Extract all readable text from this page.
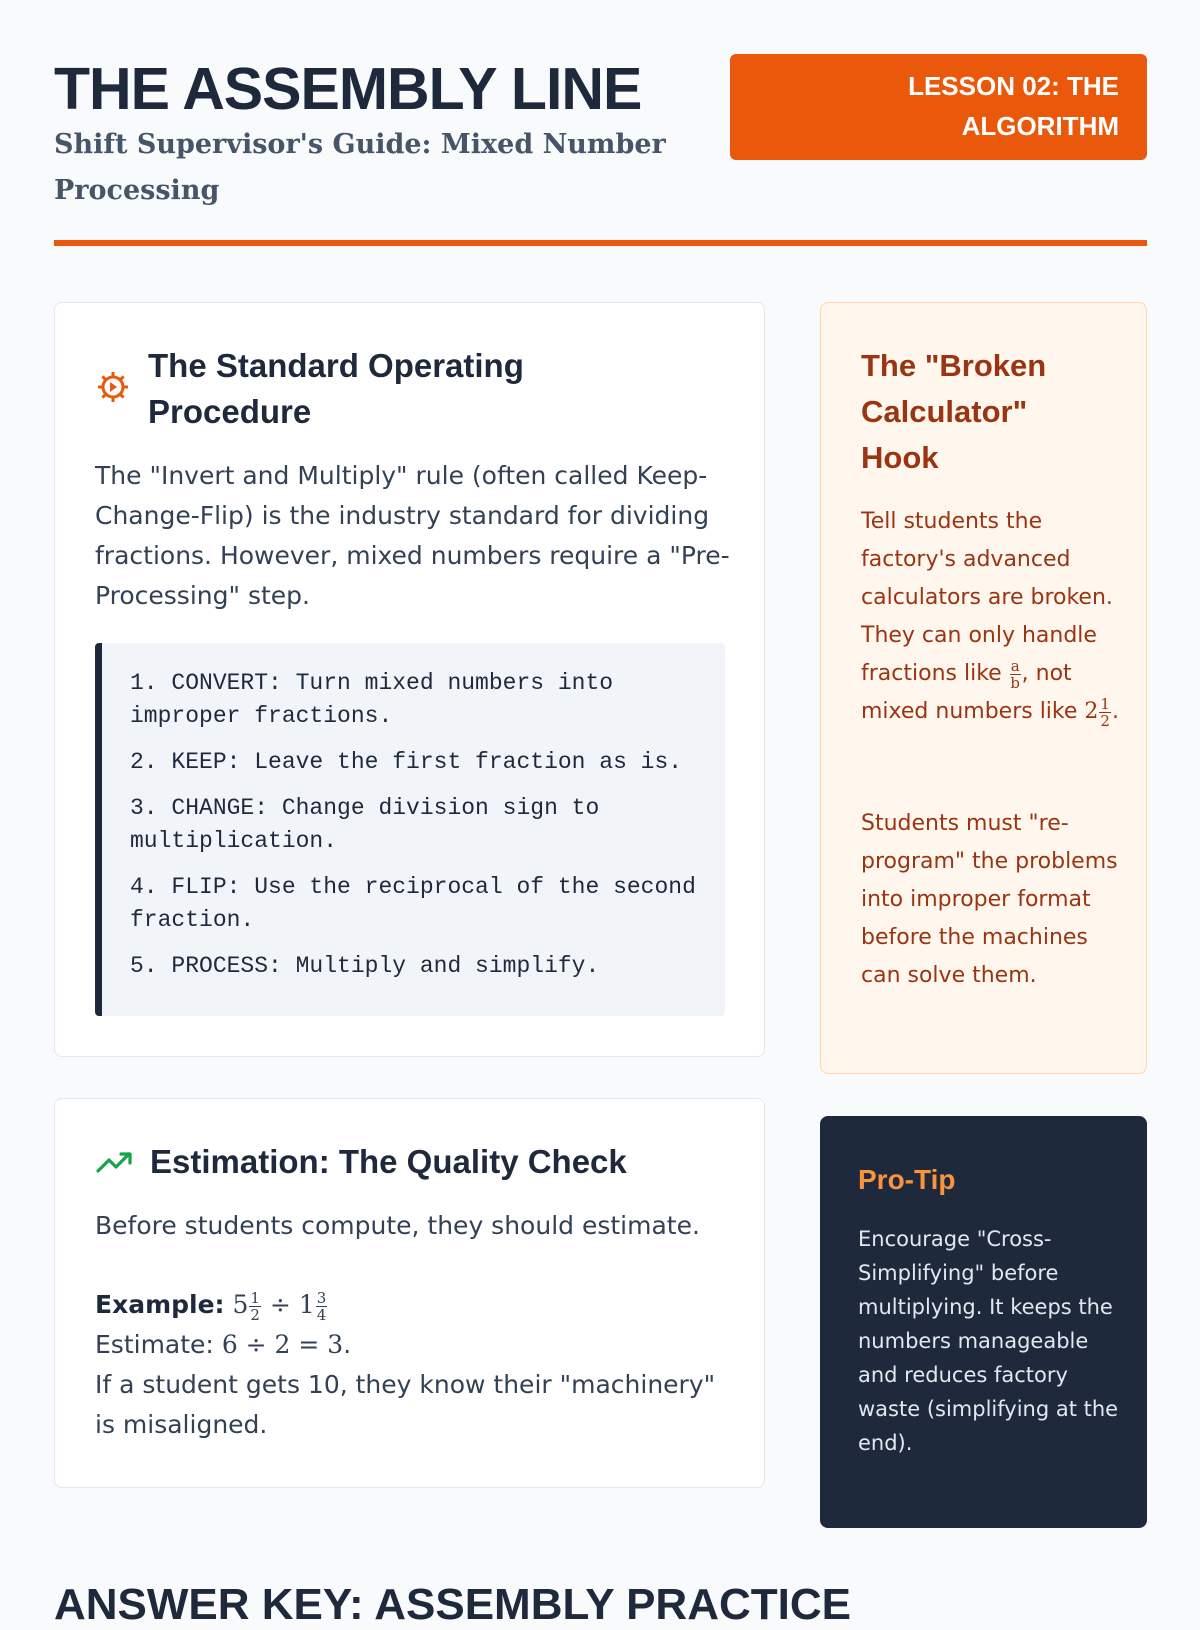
THE ASSEMBLY LINE
Shift Supervisor's Guide: Mixed Number Processing
LESSON 02: THE ALGORITHM
The Standard Operating Procedure

The "Invert and Multiply" rule (often called Keep-Change-Flip) is the industry standard for dividing fractions. However, mixed numbers require a "Pre-Processing" step.

1. CONVERT: Turn mixed numbers into improper fractions.
2. KEEP: Leave the first fraction as is.
3. CHANGE: Change division sign to multiplication.
4. FLIP: Use the reciprocal of the second fraction.
5. PROCESS: Multiply and simplify.
Estimation: The Quality Check

Before students compute, they should estimate.

Example: $5 \frac{1}{2} \div 1 \frac{3}{4}$
Estimate: 6 ÷ 2 = 3.
If a student gets 10, they know their "machinery" is misaligned.
The "Broken Calculator" Hook

Tell students the factory's advanced calculators are broken. They can only handle fractions like $\frac{a}{b}$ , not mixed numbers like $2 \frac{1}{2}$ .

Students must "re-program" the problems into improper format before the machines can solve them.

Pro-Tip

Encourage "Cross-Simplifying" before multiplying. It keeps the numbers manageable and reduces factory waste (simplifying at the end).

ANSWER KEY: ASSEMBLY PRACTICE
